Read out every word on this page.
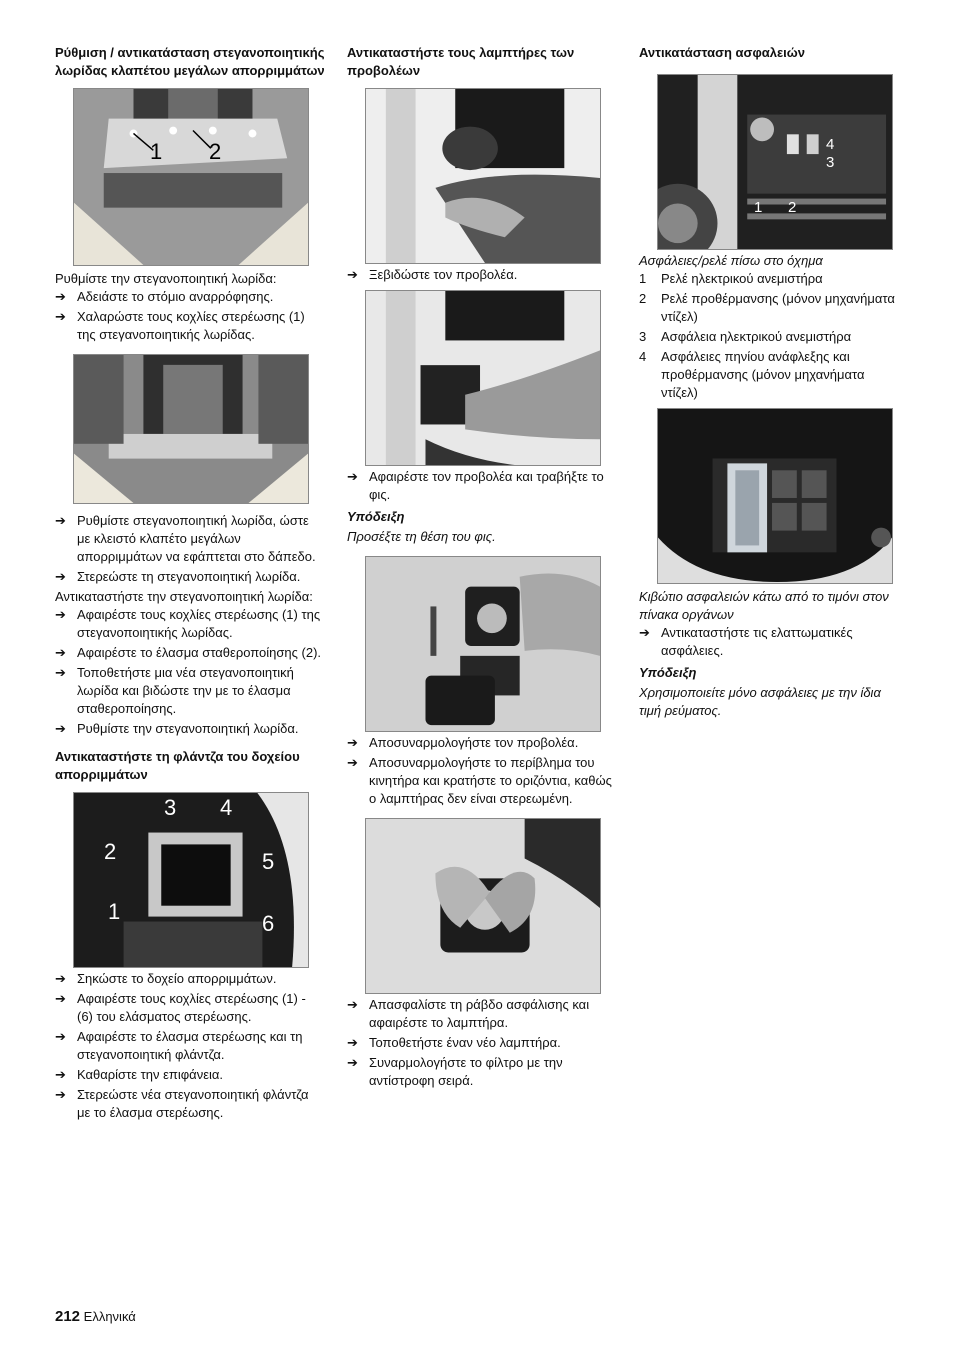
Ρύθμιση / αντικατάσταση στεγανοποιητικής λωρίδας κλαπέτου μεγάλων απορριμμάτων
1 2

Ρυθμίστε την στεγανοποιητική λωρίδα:

➔ Αδειάστε το στόμιο αναρρόφησης.
➔ Χαλαρώστε τους κοχλίες στερέωσης (1) της στεγανοποιητικής λωρίδας.
➔ Ρυθμίστε στεγανοποιητική λωρίδα, ώστε με κλειστό κλαπέτο μεγάλων απορριμμάτων να εφάπτεται στο δάπεδο.
➔ Στερεώστε τη στεγανοποιητική λωρίδα.

Αντικαταστήστε την στεγανοποιητική λωρίδα:

➔ Αφαιρέστε τους κοχλίες στερέωσης (1) της στεγανοποιητικής λωρίδας.
➔ Αφαιρέστε το έλασμα σταθεροποίησης (2).
➔ Τοποθετήστε μια νέα στεγανοποιητική λωρίδα και βιδώστε την με το έλασμα σταθεροποίησης.
➔ Ρυθμίστε την στεγανοποιητική λωρίδα.
Αντικαταστήστε τη φλάντζα του δοχείου απορριμμάτων
1
2
3 4
5
6
➔ Σηκώστε το δοχείο απορριμμάτων.
➔ Αφαιρέστε τους κοχλίες στερέωσης (1) - (6) του ελάσματος στερέωσης.
➔ Αφαιρέστε το έλασμα στερέωσης και τη στεγανοποιητική φλάντζα.
➔ Καθαρίστε την επιφάνεια.
➔ Στερεώστε νέα στεγανοποιητική φλάντζα με το έλασμα στερέωσης.
Αντικαταστήστε τους λαμπτήρες των προβολέων
➔ Ξεβιδώστε τον προβολέα.
➔ Αφαιρέστε τον προβολέα και τραβήξτε το φις.

Υπόδειξη

Προσέξτε τη θέση του φις.

➔ Αποσυναρμολογήστε τον προβολέα.
➔ Αποσυναρμολογήστε το περίβλημα του κινητήρα και κρατήστε το οριζόντια, καθώς ο λαμπτήρας δεν είναι στερεωμένη.
➔ Απασφαλίστε τη ράβδο ασφάλισης και αφαιρέστε το λαμπτήρα.
➔ Τοποθετήστε έναν νέο λαμπτήρα.
➔ Συναρμολογήστε το φίλτρο με την αντίστροφη σειρά.
Αντικατάσταση ασφαλειών
1 2
3
4

Ασφάλειες/ρελέ πίσω στο όχημα

1	Ρελέ ηλεκτρικού ανεμιστήρα
2	Ρελέ προθέρμανσης (μόνον μηχανήματα ντίζελ)
3	Ασφάλεια ηλεκτρικού ανεμιστήρα
4	Ασφάλειες πηνίου ανάφλεξης και προθέρμανσης (μόνον μηχανήματα ντίζελ)

Κιβώτιο ασφαλειών κάτω από το τιμόνι στον πίνακα οργάνων

➔ Αντικαταστήστε τις ελαττωματικές ασφάλειες.

Υπόδειξη

Χρησιμοποιείτε μόνο ασφάλειες με την ίδια τιμή ρεύματος.

212 Ελληνικά
